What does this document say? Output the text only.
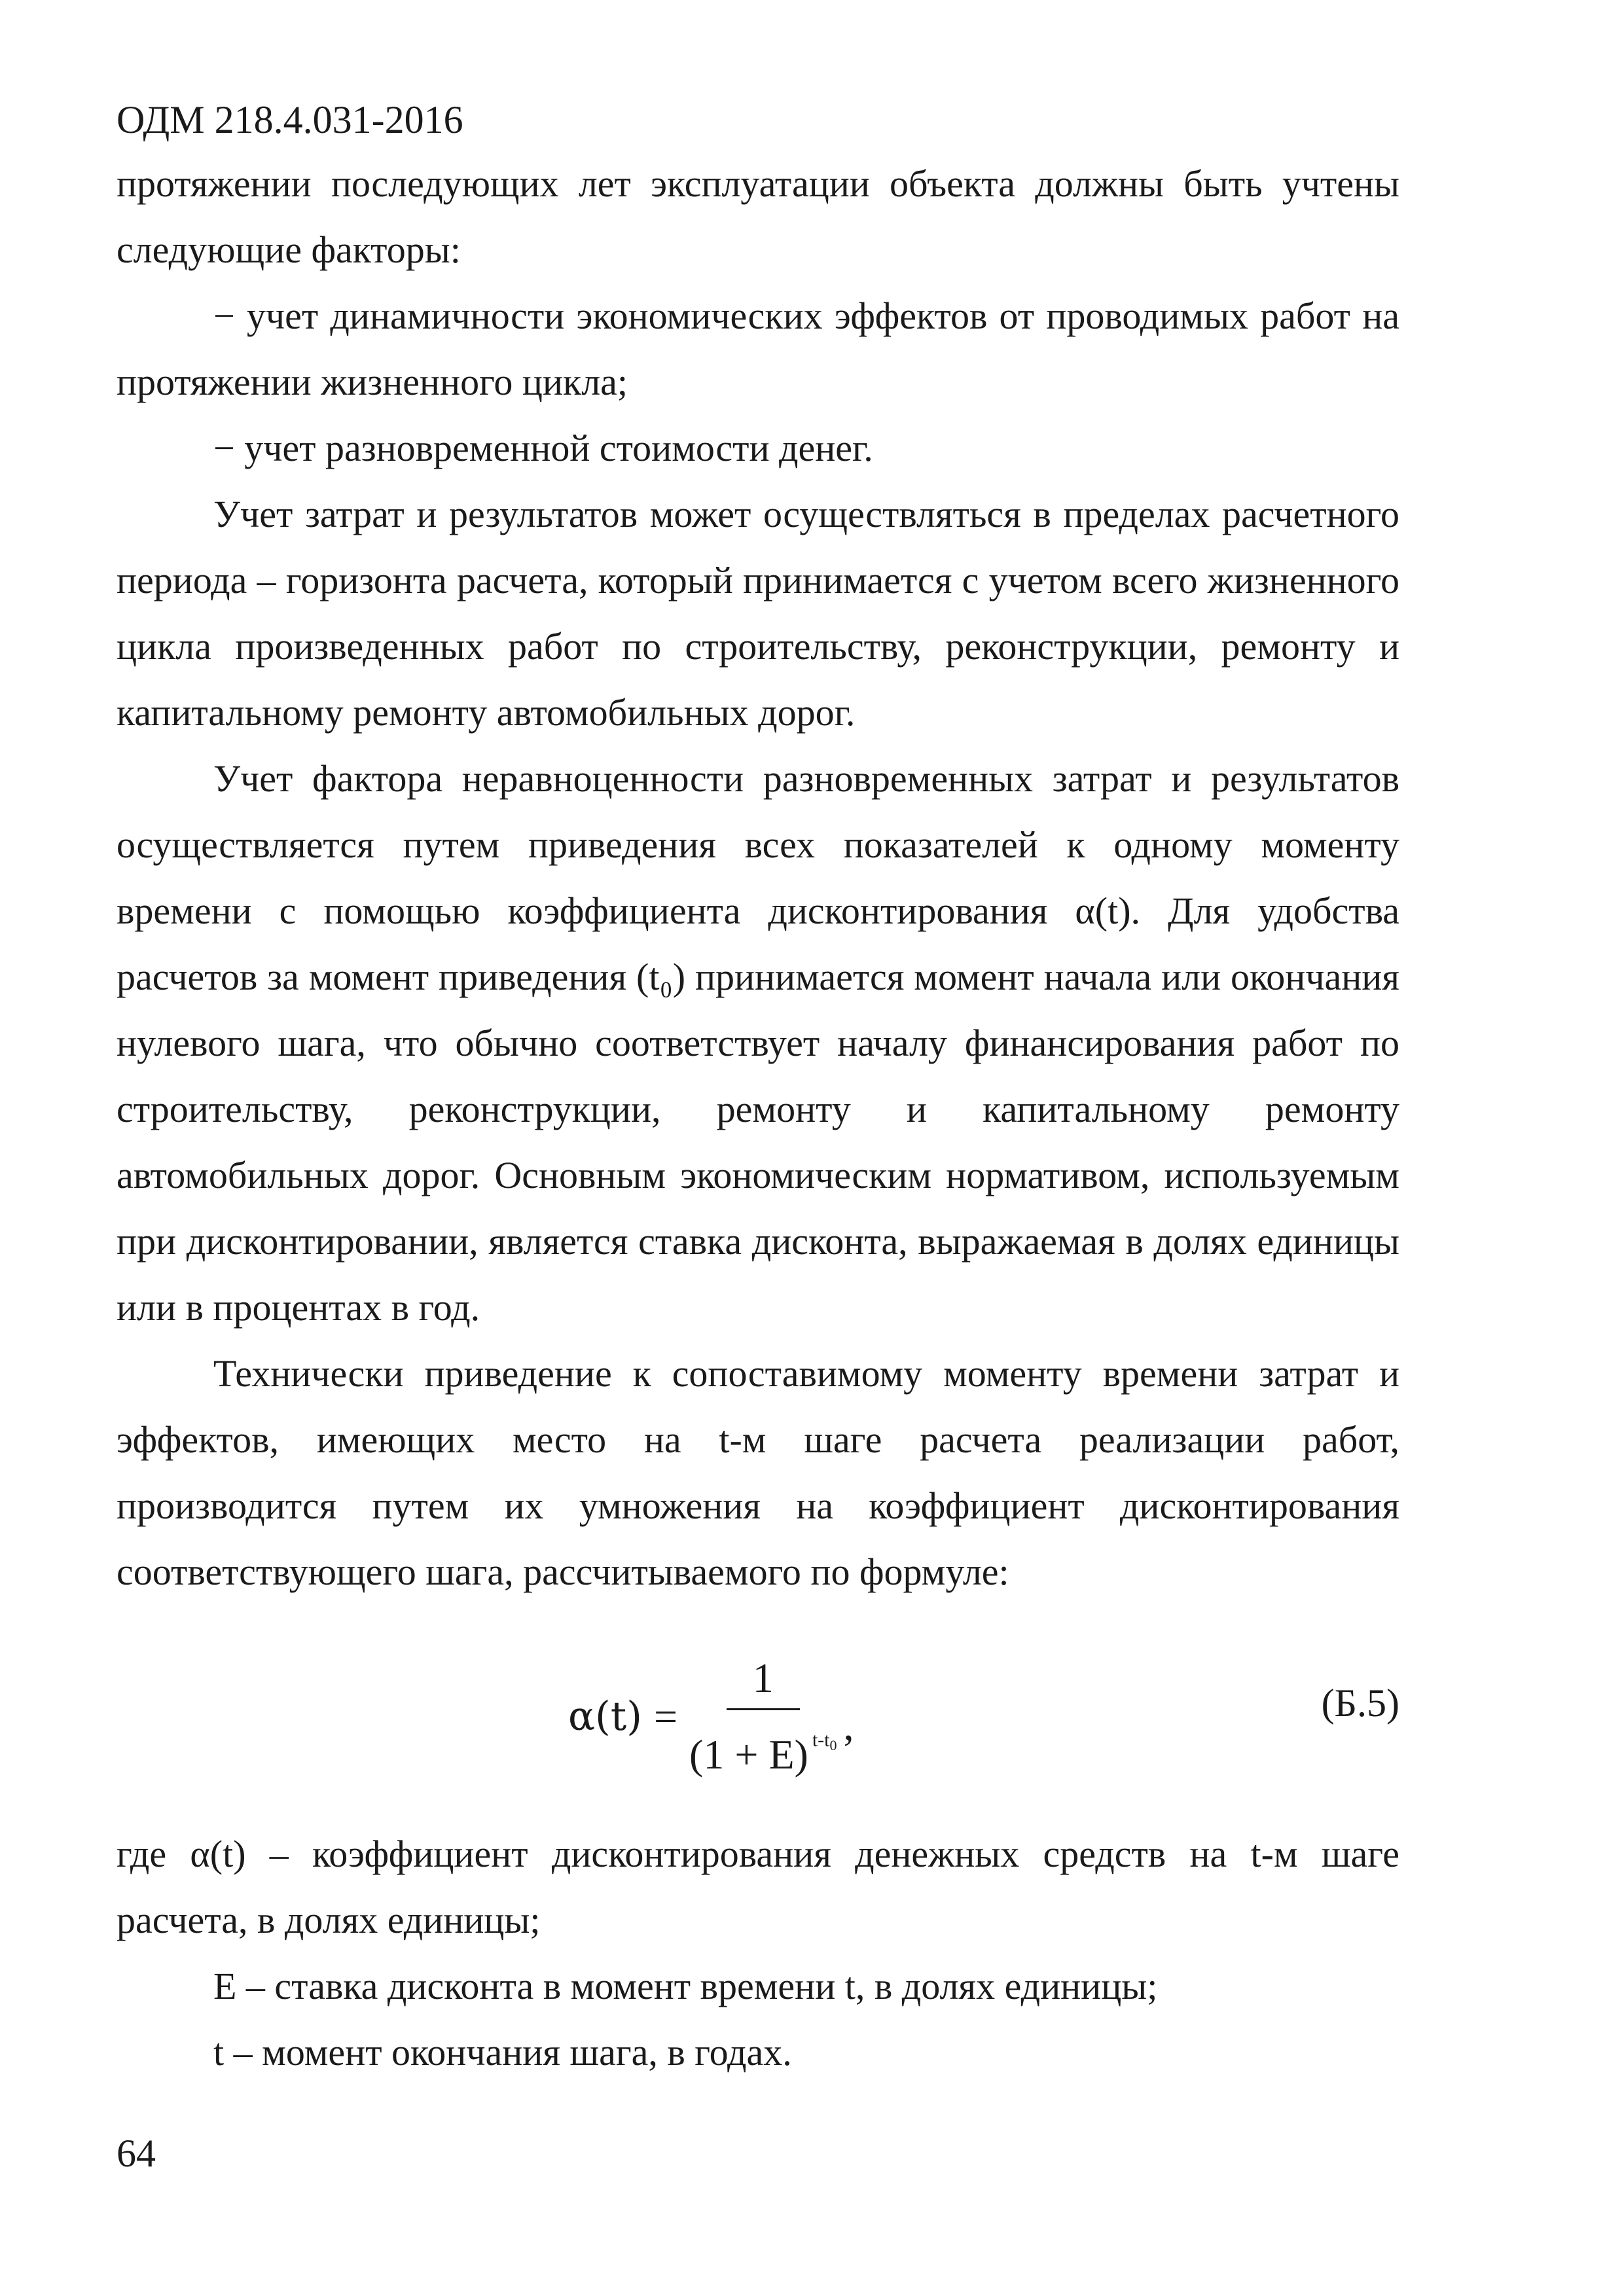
ОДМ 218.4.031-2016

протяжении последующих лет эксплуатации объекта должны быть учтены следующие факторы:

− учет динамичности экономических эффектов от проводимых работ на протяжении жизненного цикла;

− учет разновременной стоимости денег.

Учет затрат и результатов может осуществляться в пределах расчетного периода – горизонта расчета, который принимается с учетом всего жизненного цикла произведенных работ по строительству, реконструкции, ремонту и капитальному ремонту автомобильных дорог.

Учет фактора неравноценности разновременных затрат и результатов осуществляется путем приведения всех показателей к одному моменту времени с помощью коэффициента дисконтирования α(t). Для удобства расчетов за момент приведения (t₀) принимается момент начала или окончания нулевого шага, что обычно соответствует началу финансирования работ по строительству, реконструкции, ремонту и капитальному ремонту автомобильных дорог. Основным экономическим нормативом, используемым при дисконтировании, является ставка дисконта, выражаемая в долях единицы или в процентах в год.

Технически приведение к сопоставимому моменту времени затрат и эффектов, имеющих место на t-м шаге расчета реализации работ, производится путем их умножения на коэффициент дисконтирования соответствующего шага, рассчитываемого по формуле:

$\alpha(t) = \frac{1}{(1 + E) ^{t-t_0}}$ ,	(Б.5)

где α(t) – коэффициент дисконтирования денежных средств на t-м шаге расчета, в долях единицы;

Е – ставка дисконта в момент времени t, в долях единицы;

t – момент окончания шага, в годах.

64
